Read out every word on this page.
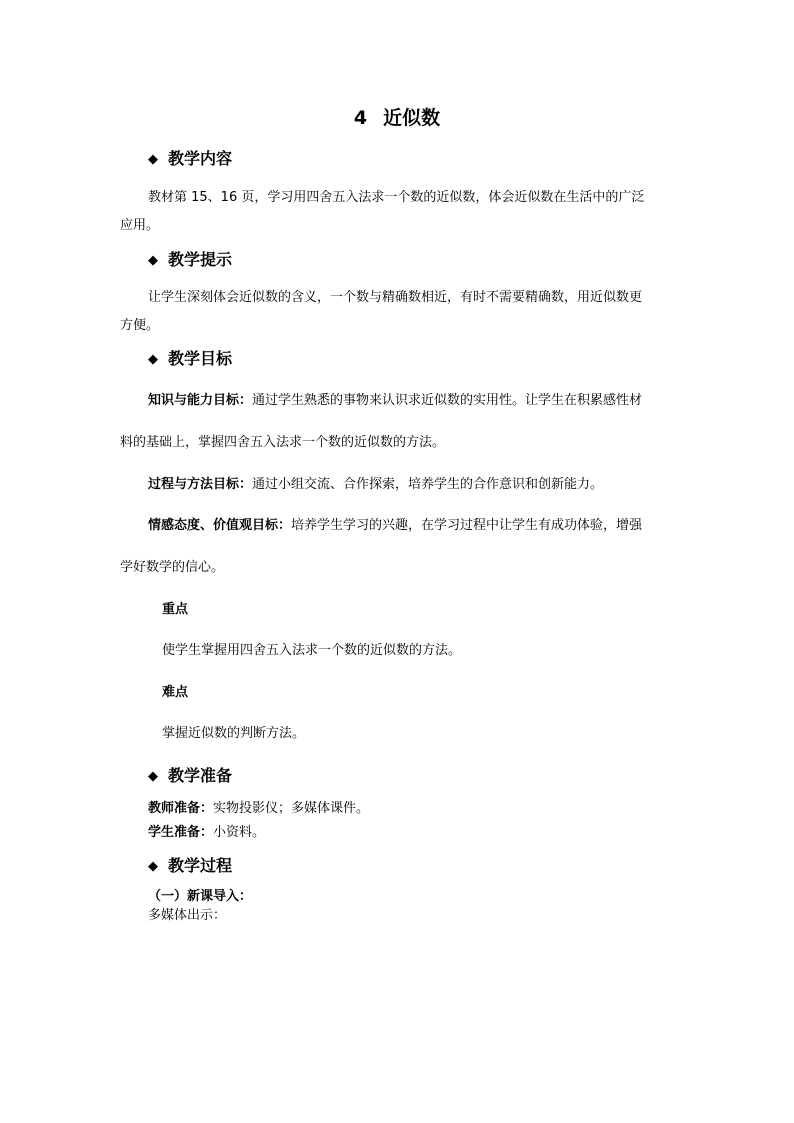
4 近似数
◆ 教学内容
教材第 15、16 页，学习用四舍五入法求一个数的近似数，体会近似数在生活中的广泛
应用。
◆ 教学提示
让学生深刻体会近似数的含义，一个数与精确数相近，有时不需要精确数，用近似数更
方便。
◆ 教学目标
知识与能力目标：通过学生熟悉的事物来认识求近似数的实用性。让学生在积累感性材
料的基础上，掌握四舍五入法求一个数的近似数的方法。
过程与方法目标：通过小组交流、合作探索，培养学生的合作意识和创新能力。
情感态度、价值观目标：培养学生学习的兴趣，在学习过程中让学生有成功体验，增强
学好数学的信心。
重点
使学生掌握用四舍五入法求一个数的近似数的方法。
难点
掌握近似数的判断方法。
◆ 教学准备
教师准备：实物投影仪；多媒体课件。
学生准备：小资料。
◆ 教学过程
（一）新课导入：
多媒体出示：
